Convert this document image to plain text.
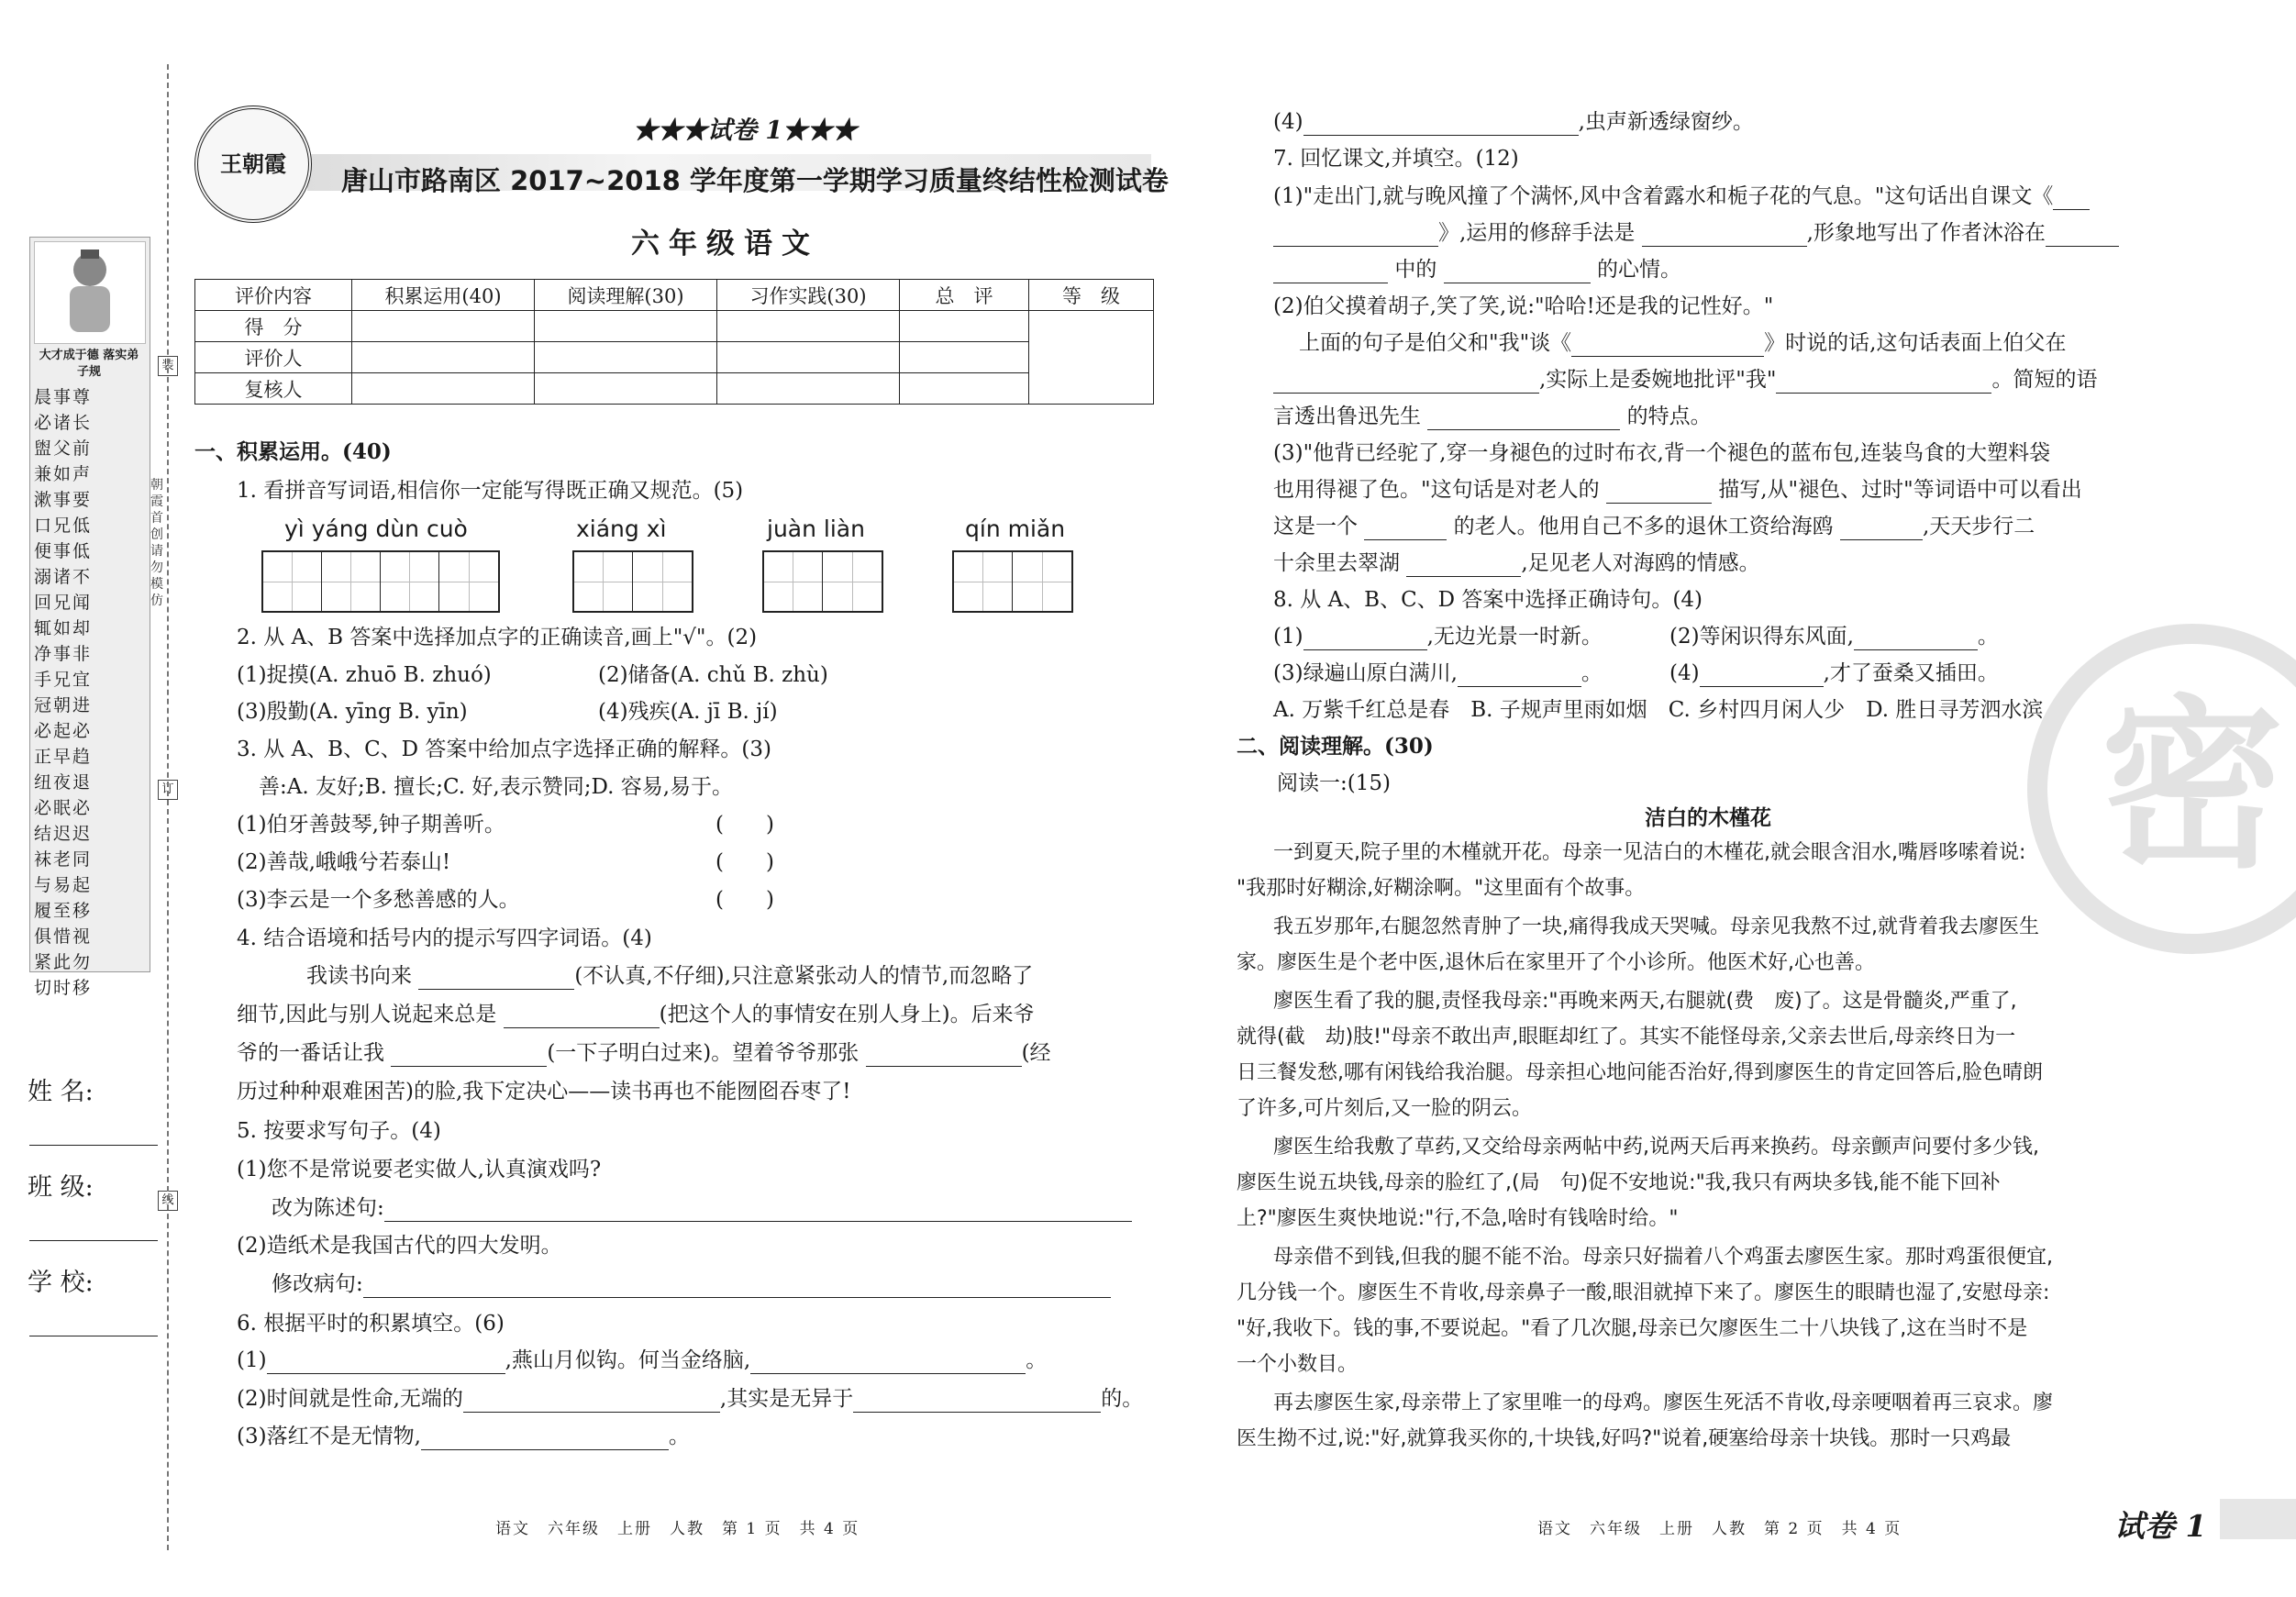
大才成于德 落实弟子规
晨事尊
必诸长
盥父前
兼如声
漱事要
口兄低
便事低
溺诸不
回兄闻
辄如却
净事非
手兄宜
冠朝进
必起必
正早趋
纽夜退
必眠必
结迟迟
袜老同
与易起
履至移
俱惜视
紧此勿
切时移
装
朝霞首创 请勿模仿
订
线
姓 名:
班 级:
学 校:
王朝霞
★★★试卷 1★★★
唐山市路南区 2017~2018 学年度第一学期学习质量终结性检测试卷
六年级语文
评价内容	积累运用(40)	阅读理解(30)	习作实践(30)	总　评	等　级
得　分					
评价人					
复核人					
一、积累运用。(40)
1. 看拼音写词语,相信你一定能写得既正确又规范。(5)
yì yáng dùn cuò	xiáng xì	juàn liàn	qín miǎn
2. 从 A、B 答案中选择加点字的正确读音,画上"√"。(2)
(1)捉摸(A. zhuō B. zhuó)	(2)储备(A. chǔ B. zhù)
(3)殷勤(A. yīng B. yīn)	(4)残疾(A. jī B. jí)
3. 从 A、B、C、D 答案中给加点字选择正确的解释。(3)
善:A. 友好;B. 擅长;C. 好,表示赞同;D. 容易,易于。
(1)伯牙善鼓琴,钟子期善听。	(　　)
(2)善哉,峨峨兮若泰山!	(　　)
(3)李云是一个多愁善感的人。	(　　)
4. 结合语境和括号内的提示写四字词语。(4)
我读书向来	(不认真,不仔细),只注意紧张动人的情节,而忽略了
细节,因此与别人说起来总是	(把这个人的事情安在别人身上)。后来爷
爷的一番话让我	(一下子明白过来)。望着爷爷那张	(经
历过种种艰难困苦)的脸,我下定决心——读书再也不能囫囵吞枣了!
5. 按要求写句子。(4)
(1)您不是常说要老实做人,认真演戏吗?
改为陈述句:
(2)造纸术是我国古代的四大发明。
修改病句:
6. 根据平时的积累填空。(6)
(1)	,燕山月似钩。何当金络脑,	。
(2)时间就是性命,无端的	,其实是无异于	的。
(3)落红不是无情物,	。
语文　六年级　上册　人教　第 1 页　共 4 页
密
(4)	,虫声新透绿窗纱。
7. 回忆课文,并填空。(12)
(1)"走出门,就与晚风撞了个满怀,风中含着露水和栀子花的气息。"这句话出自课文《
》,运用的修辞手法是	,形象地写出了作者沐浴在
中的	的心情。
(2)伯父摸着胡子,笑了笑,说:"哈哈!还是我的记性好。"
上面的句子是伯父和"我"谈《	》时说的话,这句话表面上伯父在
,实际上是委婉地批评"我"	。简短的语
言透出鲁迅先生	的特点。
(3)"他背已经驼了,穿一身褪色的过时布衣,背一个褪色的蓝布包,连装鸟食的大塑料袋
也用得褪了色。"这句话是对老人的	描写,从"褪色、过时"等词语中可以看出
这是一个	的老人。他用自己不多的退休工资给海鸥	,天天步行二
十余里去翠湖	,足见老人对海鸥的情感。
8. 从 A、B、C、D 答案中选择正确诗句。(4)
(1)	,无边光景一时新。	(2)等闲识得东风面,	。
(3)绿遍山原白满川,	。	(4)	,才了蚕桑又插田。
A. 万紫千红总是春　B. 子规声里雨如烟　C. 乡村四月闲人少　D. 胜日寻芳泗水滨
二、阅读理解。(30)
阅读一:(15)
洁白的木槿花
一到夏天,院子里的木槿就开花。母亲一见洁白的木槿花,就会眼含泪水,嘴唇哆嗦着说:
"我那时好糊涂,好糊涂啊。"这里面有个故事。
我五岁那年,右腿忽然青肿了一块,痛得我成天哭喊。母亲见我熬不过,就背着我去廖医生
家。廖医生是个老中医,退休后在家里开了个小诊所。他医术好,心也善。
廖医生看了我的腿,责怪我母亲:"再晚来两天,右腿就(费　废)了。这是骨髓炎,严重了,
就得(截　劫)肢!"母亲不敢出声,眼眶却红了。其实不能怪母亲,父亲去世后,母亲终日为一
日三餐发愁,哪有闲钱给我治腿。母亲担心地问能否治好,得到廖医生的肯定回答后,脸色晴朗
了许多,可片刻后,又一脸的阴云。
廖医生给我敷了草药,又交给母亲两帖中药,说两天后再来换药。母亲颤声问要付多少钱,
廖医生说五块钱,母亲的脸红了,(局　句)促不安地说:"我,我只有两块多钱,能不能下回补
上?"廖医生爽快地说:"行,不急,啥时有钱啥时给。"
母亲借不到钱,但我的腿不能不治。母亲只好揣着八个鸡蛋去廖医生家。那时鸡蛋很便宜,
几分钱一个。廖医生不肯收,母亲鼻子一酸,眼泪就掉下来了。廖医生的眼睛也湿了,安慰母亲:
"好,我收下。钱的事,不要说起。"看了几次腿,母亲已欠廖医生二十八块钱了,这在当时不是
一个小数目。
再去廖医生家,母亲带上了家里唯一的母鸡。廖医生死活不肯收,母亲哽咽着再三哀求。廖
医生拗不过,说:"好,就算我买你的,十块钱,好吗?"说着,硬塞给母亲十块钱。那时一只鸡最
语文　六年级　上册　人教　第 2 页　共 4 页	试卷 1
